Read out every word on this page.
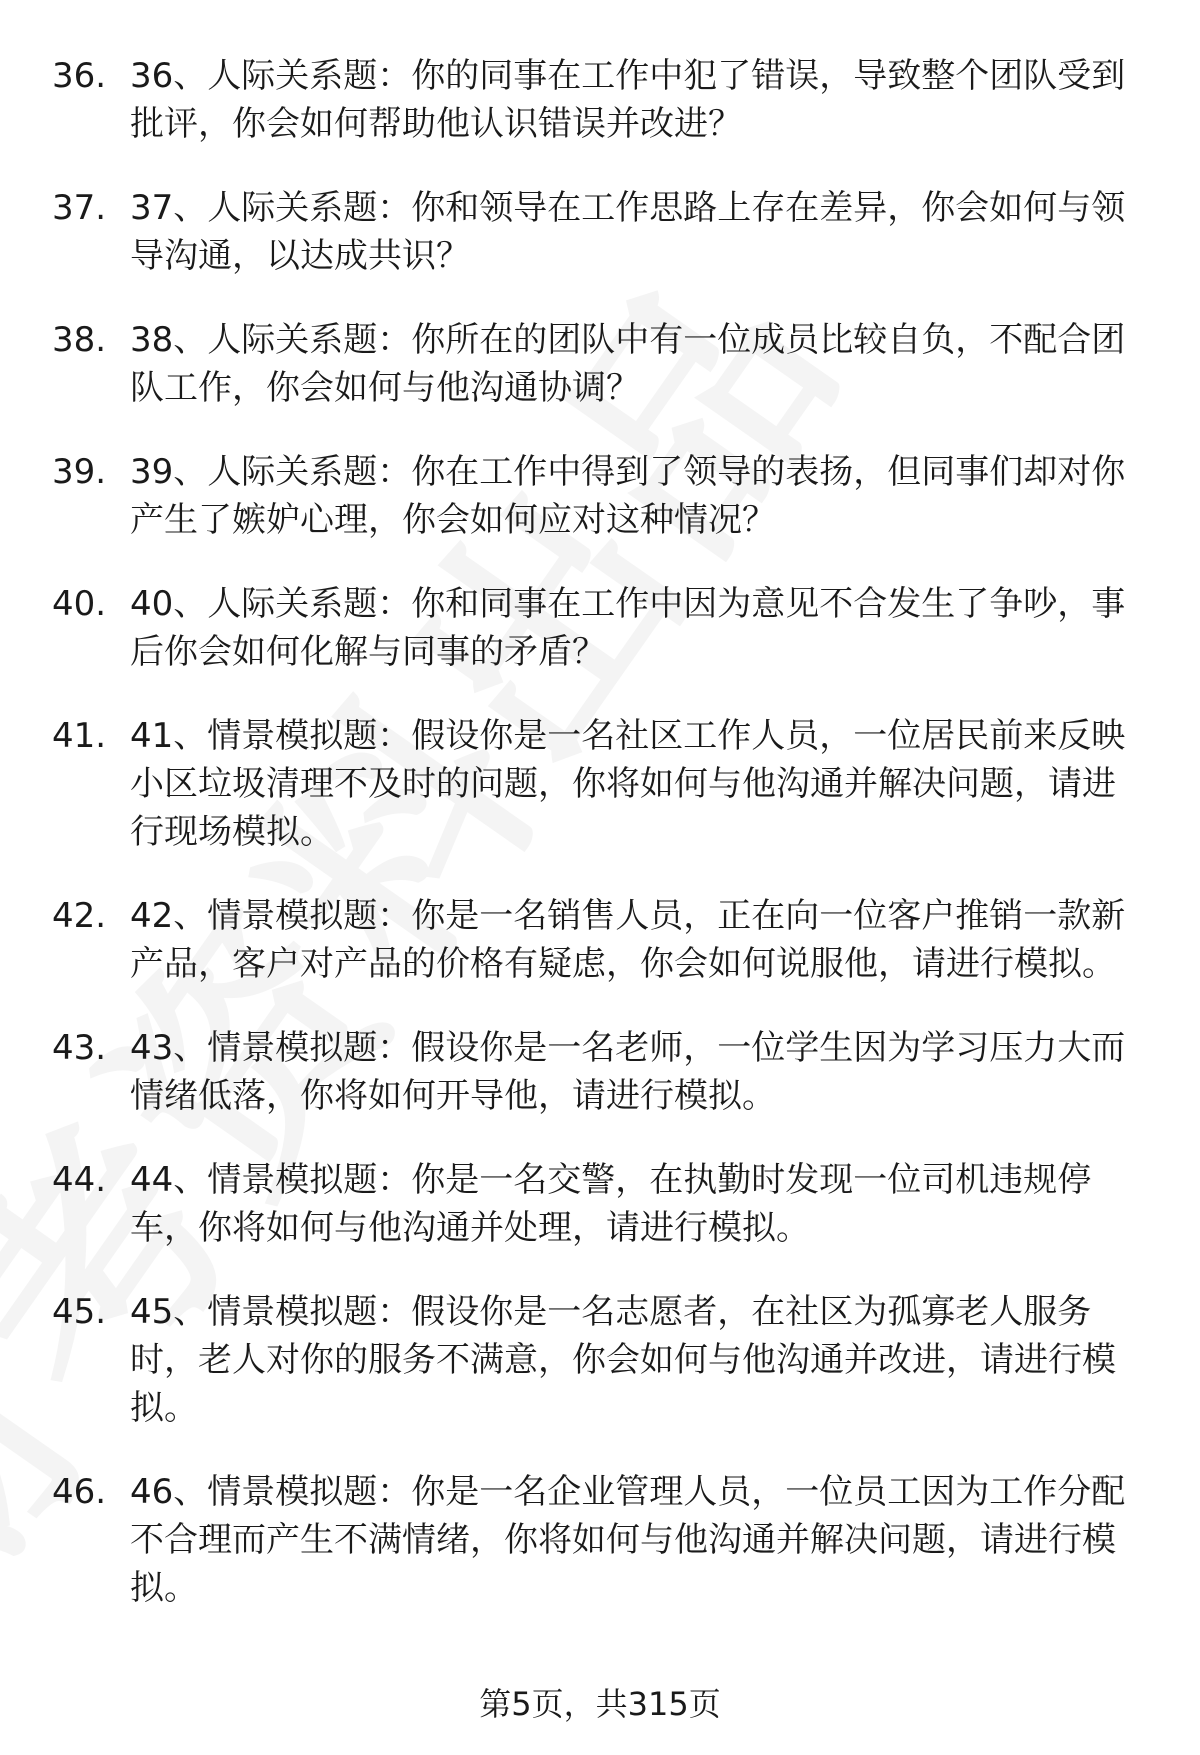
36. 36、人际关系题：你的同事在工作中犯了错误，导致整个团队受到批评，你会如何帮助他认识错误并改进？
37. 37、人际关系题：你和领导在工作思路上存在差异，你会如何与领导沟通，以达成共识？
38. 38、人际关系题：你所在的团队中有一位成员比较自负，不配合团队工作，你会如何与他沟通协调？
39. 39、人际关系题：你在工作中得到了领导的表扬，但同事们却对你产生了嫉妒心理，你会如何应对这种情况？
40. 40、人际关系题：你和同事在工作中因为意见不合发生了争吵，事后你会如何化解与同事的矛盾？
41. 41、情景模拟题：假设你是一名社区工作人员，一位居民前来反映小区垃圾清理不及时的问题，你将如何与他沟通并解决问题，请进行现场模拟。
42. 42、情景模拟题：你是一名销售人员，正在向一位客户推销一款新产品，客户对产品的价格有疑虑，你会如何说服他，请进行模拟。
43. 43、情景模拟题：假设你是一名老师，一位学生因为学习压力大而情绪低落，你将如何开导他，请进行模拟。
44. 44、情景模拟题：你是一名交警，在执勤时发现一位司机违规停车，你将如何与他沟通并处理，请进行模拟。
45. 45、情景模拟题：假设你是一名志愿者，在社区为孤寡老人服务时，老人对你的服务不满意，你会如何与他沟通并改进，请进行模拟。
46. 46、情景模拟题：你是一名企业管理人员，一位员工因为工作分配不合理而产生不满情绪，你将如何与他沟通并解决问题，请进行模拟。
第5页，共315页
